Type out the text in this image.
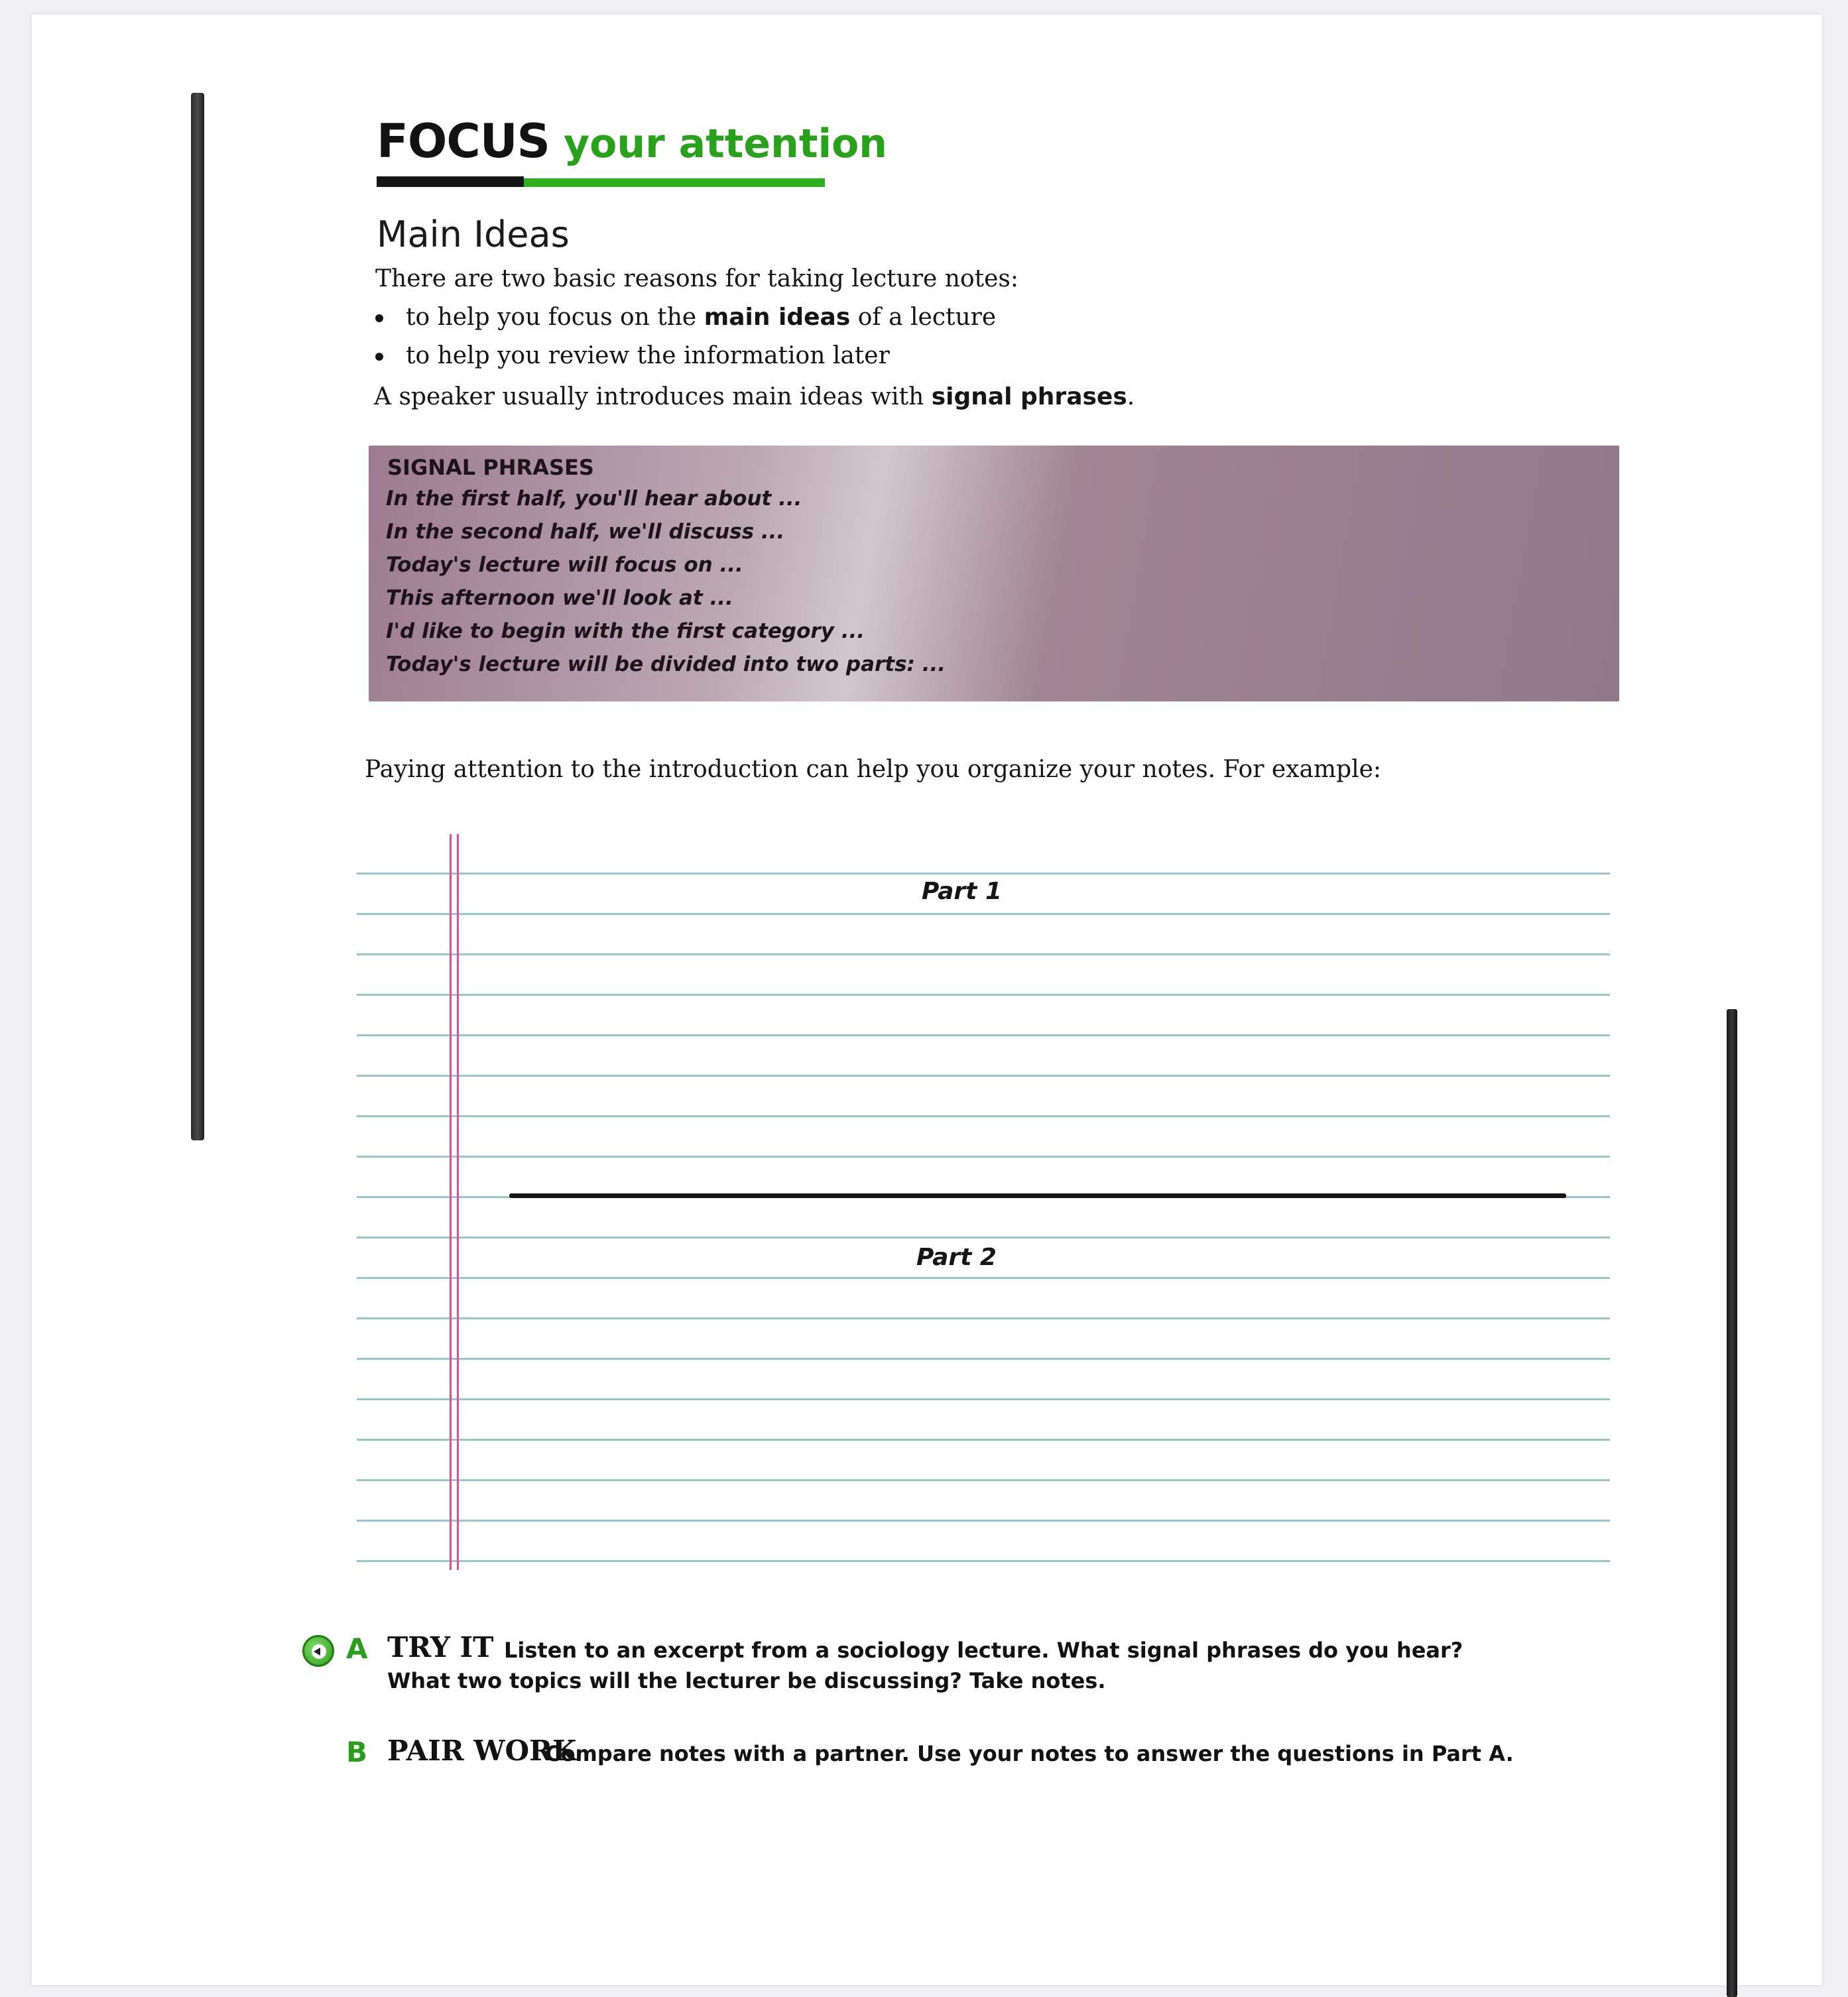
FOCUS your attention
Main Ideas
There are two basic reasons for taking lecture notes:
to help you focus on the main ideas of a lecture
to help you review the information later
A speaker usually introduces main ideas with signal phrases.
SIGNAL PHRASES
In the first half, you'll hear about ...
In the second half, we'll discuss ...
Today's lecture will focus on ...
This afternoon we'll look at ...
I'd like to begin with the first category ...
Today's lecture will be divided into two parts: ...
Paying attention to the introduction can help you organize your notes. For example:
Part 1
Part 2
A TRY IT Listen to an excerpt from a sociology lecture. What signal phrases do you hear?
What two topics will the lecturer be discussing? Take notes.
B PAIR WORK
Compare notes with a partner. Use your notes to answer the questions in Part A.
